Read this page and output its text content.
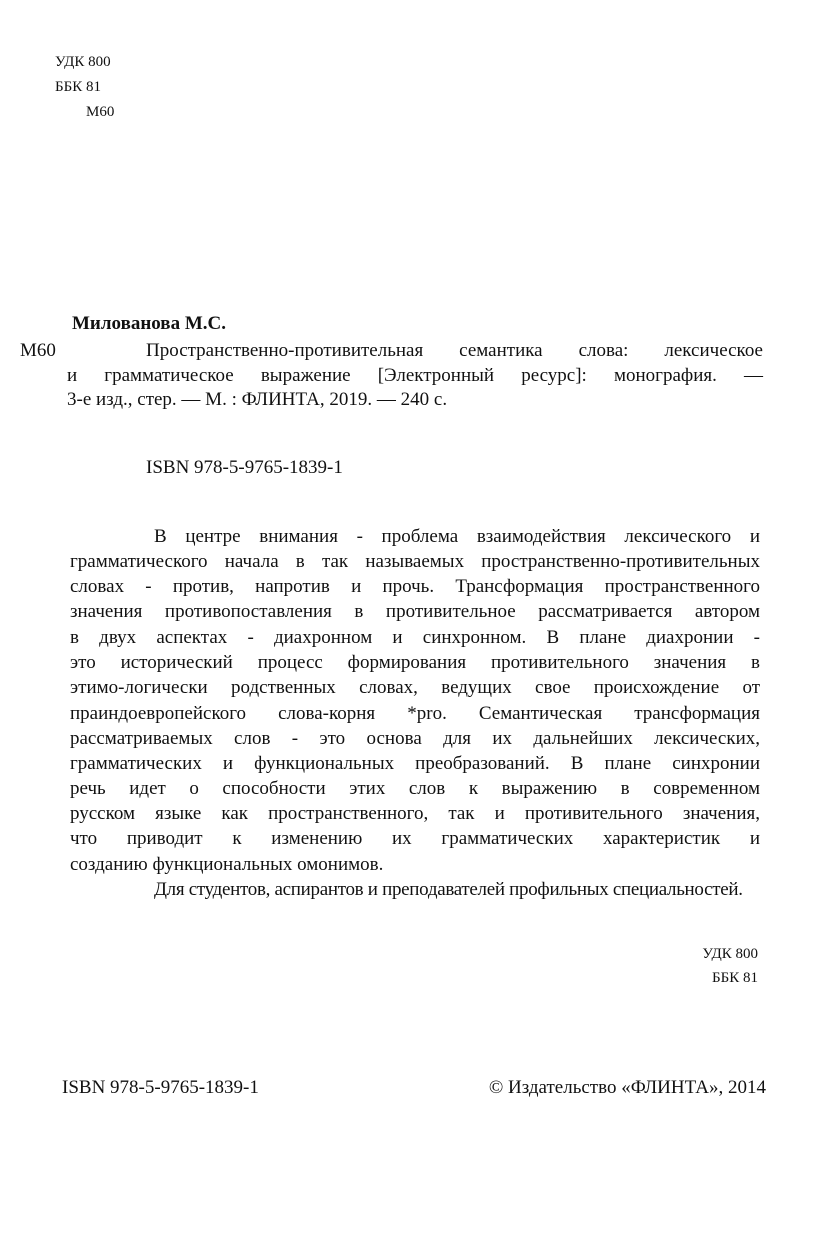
УДК 800
ББК 81
М60
Милованова М.С.
М60	Пространственно-противительная семантика слова: лексическое
и грамматическое выражение [Электронный ресурс]: монография. —
3-е изд., стер. — М. : ФЛИНТА, 2019. — 240 с.
ISBN 978-5-9765-1839-1
В центре внимания - проблема взаимодействия лексического и
грамматического начала в так называемых пространственно-противительных
словах - против, напротив и прочь. Трансформация пространственного
значения противопоставления в противительное рассматривается автором
в двух аспектах - диахронном и синхронном. В плане диахронии -
это исторический процесс формирования противительного значения в
этимо-логически родственных словах, ведущих свое происхождение от
праиндоевропейского слова-корня *pro. Семантическая трансформация
рассматриваемых слов - это основа для их дальнейших лексических,
грамматических и функциональных преобразований. В плане синхронии
речь идет о способности этих слов к выражению в современном
русском языке как пространственного, так и противительного значения,
что приводит к изменению их грамматических характеристик и
созданию функциональных омонимов.
Для студентов, аспирантов и преподавателей профильных специальностей.
УДК 800
ББК 81
ISBN 978-5-9765-1839-1	© Издательство «ФЛИНТА», 2014
